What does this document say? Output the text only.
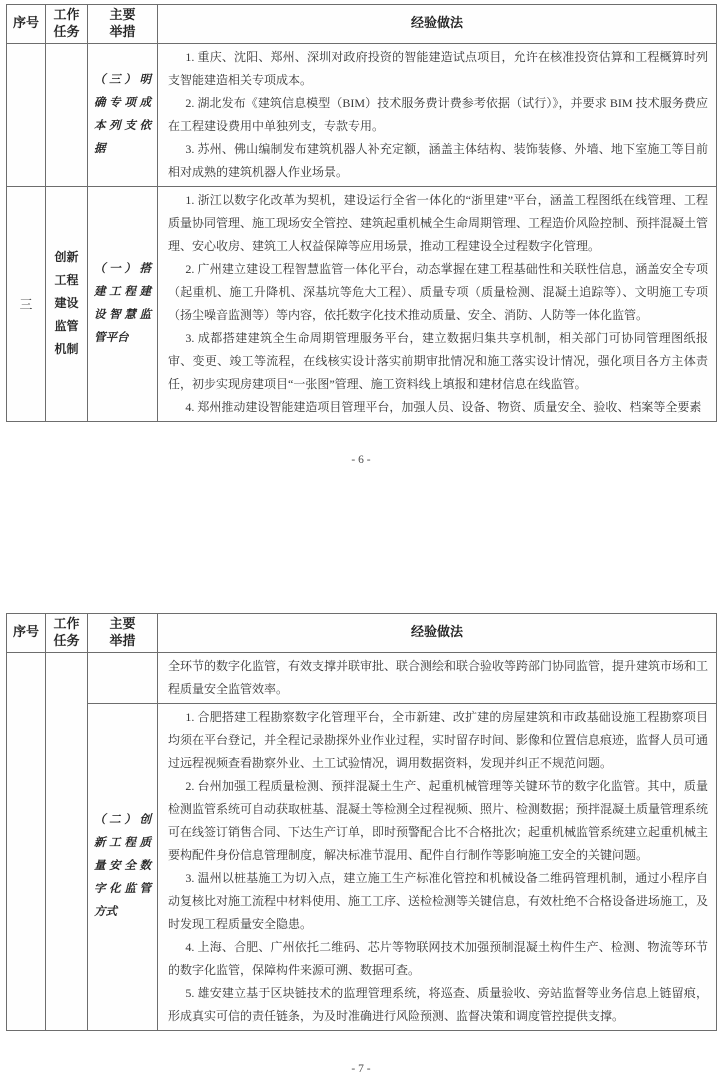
序号	工作任务	主要举措	经验做法
		（三）明确专项成本列支依据	1. 重庆、沈阳、郑州、深圳对政府投资的智能建造试点项目，允许在核准投资估算和工程概算时列支智能建造相关专项成本。

2. 湖北发布《建筑信息模型（BIM）技术服务费计费参考依据（试行）》，并要求 BIM 技术服务费应在工程建设费用中单独列支，专款专用。

3. 苏州、佛山编制发布建筑机器人补充定额，涵盖主体结构、装饰装修、外墙、地下室施工等目前相对成熟的建筑机器人作业场景。

三	创新工程建设监管机制	（一）搭建工程建设智慧监管平台	1. 浙江以数字化改革为契机，建设运行全省一体化的“浙里建”平台，涵盖工程图纸在线管理、工程质量协同管理、施工现场安全管控、建筑起重机械全生命周期管理、工程造价风险控制、预拌混凝土管理、安心收房、建筑工人权益保障等应用场景，推动工程建设全过程数字化管理。

2. 广州建立建设工程智慧监管一体化平台，动态掌握在建工程基础性和关联性信息，涵盖安全专项（起重机、施工升降机、深基坑等危大工程）、质量专项（质量检测、混凝土追踪等）、文明施工专项（扬尘噪音监测等）等内容，依托数字化技术推动质量、安全、消防、人防等一体化监管。

3. 成都搭建建筑全生命周期管理服务平台，建立数据归集共享机制，相关部门可协同管理图纸报审、变更、竣工等流程，在线核实设计落实前期审批情况和施工落实设计情况，强化项目各方主体责任，初步实现房建项目“一张图”管理、施工资料线上填报和建材信息在线监管。

4. 郑州推动建设智能建造项目管理平台，加强人员、设备、物资、质量安全、验收、档案等全要素

- 6 -
序号	工作任务	主要举措	经验做法

			全环节的数字化监管，有效支撑并联审批、联合测绘和联合验收等跨部门协同监管，提升建筑市场和工程质量安全监管效率。

		（二）创新工程质量安全数字化监管方式	1. 合肥搭建工程勘察数字化管理平台，全市新建、改扩建的房屋建筑和市政基础设施工程勘察项目均须在平台登记，并全程记录勘探外业作业过程，实时留存时间、影像和位置信息痕迹，监督人员可通过远程视频查看勘察外业、土工试验情况，调用数据资料，发现并纠正不规范问题。

2. 台州加强工程质量检测、预拌混凝土生产、起重机械管理等关键环节的数字化监管。其中，质量检测监管系统可自动获取桩基、混凝土等检测全过程视频、照片、检测数据；预拌混凝土质量管理系统可在线签订销售合同、下达生产订单，即时预警配合比不合格批次；起重机械监管系统建立起重机械主要构配件身份信息管理制度，解决标准节混用、配件自行制作等影响施工安全的关键问题。

3. 温州以桩基施工为切入点，建立施工生产标准化管控和机械设备二维码管理机制，通过小程序自动复核比对施工流程中材料使用、施工工序、送检检测等关键信息，有效杜绝不合格设备进场施工，及时发现工程质量安全隐患。

4. 上海、合肥、广州依托二维码、芯片等物联网技术加强预制混凝土构件生产、检测、物流等环节的数字化监管，保障构件来源可溯、数据可查。

5. 雄安建立基于区块链技术的监理管理系统，将巡查、质量验收、旁站监督等业务信息上链留痕，形成真实可信的责任链条，为及时准确进行风险预测、监督决策和调度管控提供支撑。

- 7 -
